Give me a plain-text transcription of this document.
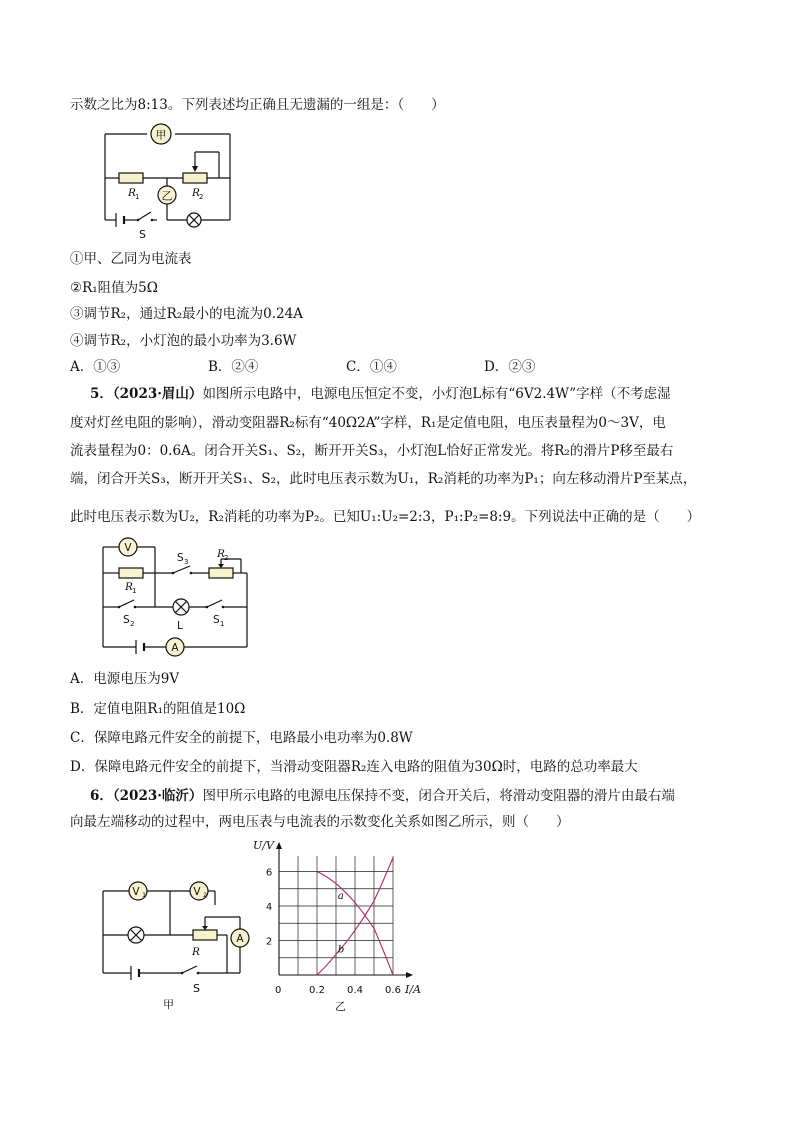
示数之比为8:13。下列表述均正确且无遗漏的一组是：（　　）
甲
R 1 乙 R 2
S
①甲、乙同为电流表
②R₁阻值为5Ω
③调节R₂，通过R₂最小的电流为0.24A
④调节R₂，小灯泡的最小功率为3.6W
A．①③	B．②④	C．①④	D．②③
5．（2023·眉山）如图所示电路中，电源电压恒定不变，小灯泡L标有“6V2.4W”字样（不考虑湿
度对灯丝电阻的影响），滑动变阻器R₂标有“40Ω2A”字样，R₁是定值电阻，电压表量程为0～3V，电
流表量程为0：0.6A。闭合开关S₁、S₂，断开开关S₃，小灯泡L恰好正常发光。将R₂的滑片P移至最右
端，闭合开关S₃，断开开关S₁、S₂，此时电压表示数为U₁，R₂消耗的功率为P₁；向左移动滑片P至某点，
此时电压表示数为U₂，R₂消耗的功率为P₂。已知U₁:U₂=2:3，P₁:P₂=8:9。下列说法中正确的是（　　）
V
R 1
S 3
R 2
S 2	L	S 1
A
A．电源电压为9V
B．定值电阻R₁的阻值是10Ω
C．保障电路元件安全的前提下，电路最小电功率为0.8W
D．保障电路元件安全的前提下，当滑动变阻器R₂连入电路的阻值为30Ω时，电路的总功率最大
6．（2023·临沂）图甲所示电路的电源电压保持不变，闭合开关后，将滑动变阻器的滑片由最右端
向最左端移动的过程中，两电压表与电流表的示数变化关系如图乙所示，则（　　）
V 1	V 2
R
A
S
甲
0.2 0.4 0.6
2
4
6
a
b
U/V
I/A
0
乙
